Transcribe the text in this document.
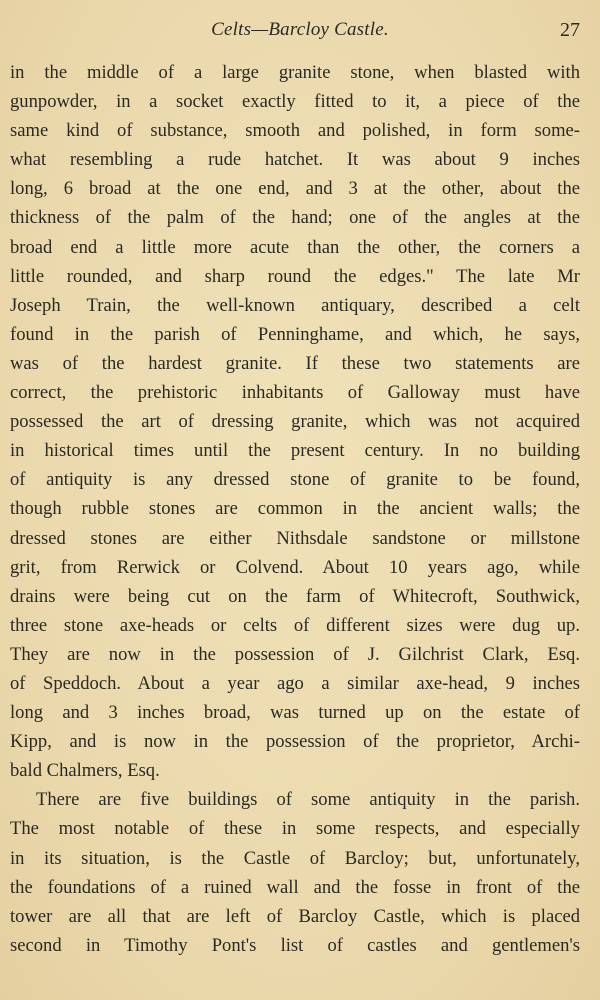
Celts—Barcloy Castle.	27
in the middle of a large granite stone, when blasted with
gunpowder, in a socket exactly fitted to it, a piece of the
same kind of substance, smooth and polished, in form some-
what resembling a rude hatchet. It was about 9 inches
long, 6 broad at the one end, and 3 at the other, about the
thickness of the palm of the hand; one of the angles at the
broad end a little more acute than the other, the corners a
little rounded, and sharp round the edges." The late Mr
Joseph Train, the well-known antiquary, described a celt
found in the parish of Penninghame, and which, he says,
was of the hardest granite. If these two statements are
correct, the prehistoric inhabitants of Galloway must have
possessed the art of dressing granite, which was not acquired
in historical times until the present century. In no building
of antiquity is any dressed stone of granite to be found,
though rubble stones are common in the ancient walls; the
dressed stones are either Nithsdale sandstone or millstone
grit, from Rerwick or Colvend. About 10 years ago, while
drains were being cut on the farm of Whitecroft, Southwick,
three stone axe-heads or celts of different sizes were dug up.
They are now in the possession of J. Gilchrist Clark, Esq.
of Speddoch. About a year ago a similar axe-head, 9 inches
long and 3 inches broad, was turned up on the estate of
Kipp, and is now in the possession of the proprietor, Archi-
bald Chalmers, Esq.
There are five buildings of some antiquity in the parish.
The most notable of these in some respects, and especially
in its situation, is the Castle of Barcloy; but, unfortunately,
the foundations of a ruined wall and the fosse in front of the
tower are all that are left of Barcloy Castle, which is placed
second in Timothy Pont's list of castles and gentlemen's
